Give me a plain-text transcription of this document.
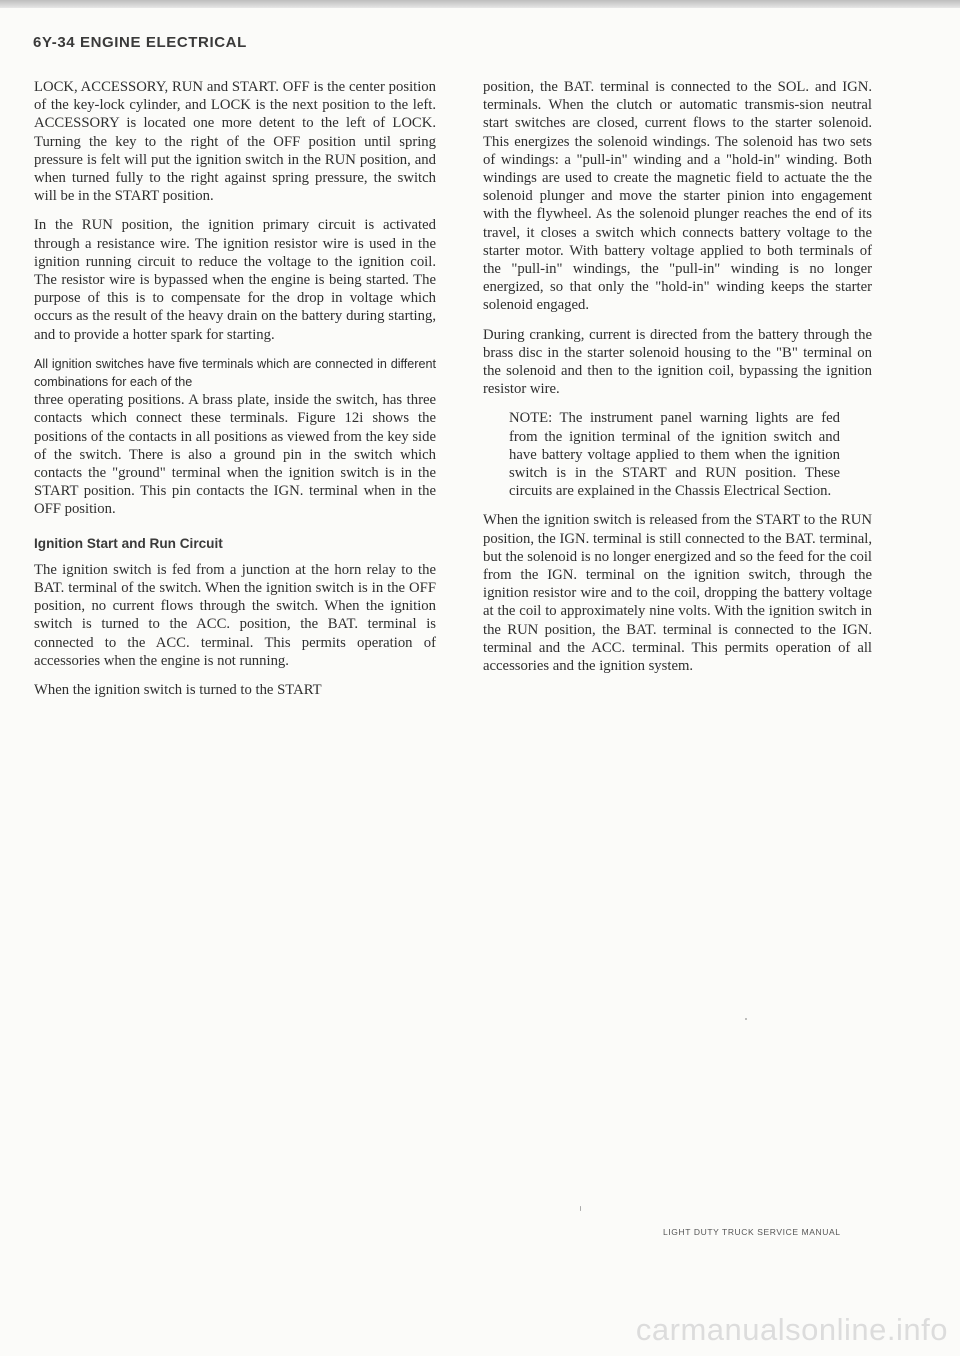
6Y-34 ENGINE ELECTRICAL

LOCK, ACCESSORY, RUN and START. OFF is the center position of the key-lock cylinder, and LOCK is the next position to the left. ACCESSORY is located one more detent to the left of LOCK. Turning the key to the right of the OFF position until spring pressure is felt will put the ignition switch in the RUN position, and when turned fully to the right against spring pressure, the switch will be in the START position.

In the RUN position, the ignition primary circuit is activated through a resistance wire. The ignition resistor wire is used in the ignition running circuit to reduce the voltage to the ignition coil. The resistor wire is bypassed when the engine is being started. The purpose of this is to compensate for the drop in voltage which occurs as the result of the heavy drain on the battery during starting, and to provide a hotter spark for starting.

All ignition switches have five terminals which are connected in different combinations for each of the

three operating positions. A brass plate, inside the switch, has three contacts which connect these terminals. Figure 12i shows the positions of the contacts in all positions as viewed from the key side of the switch. There is also a ground pin in the switch which contacts the "ground" terminal when the ignition switch is in the START position. This pin contacts the IGN. terminal when in the OFF position.

Ignition Start and Run Circuit

The ignition switch is fed from a junction at the horn relay to the BAT. terminal of the switch. When the ignition switch is in the OFF position, no current flows through the switch. When the ignition switch is turned to the ACC. position, the BAT. terminal is connected to the ACC. terminal. This permits operation of accessories when the engine is not running.

When the ignition switch is turned to the START

position, the BAT. terminal is connected to the SOL. and IGN. terminals. When the clutch or automatic transmis-sion neutral start switches are closed, current flows to the starter solenoid. This energizes the solenoid windings. The solenoid has two sets of windings: a "pull-in" winding and a "hold-in" winding. Both windings are used to create the magnetic field to actuate the the solenoid plunger and move the starter pinion into engagement with the flywheel. As the solenoid plunger reaches the end of its travel, it closes a switch which connects battery voltage to the starter motor. With battery voltage applied to both terminals of the "pull-in" windings, the "pull-in" winding is no longer energized, so that only the "hold-in" winding keeps the starter solenoid engaged.

During cranking, current is directed from the battery through the brass disc in the starter solenoid housing to the "B" terminal on the solenoid and then to the ignition coil, bypassing the ignition resistor wire.

NOTE: The instrument panel warning lights are fed from the ignition terminal of the ignition switch and have battery voltage applied to them when the ignition switch is in the START and RUN position. These circuits are explained in the Chassis Electrical Section.

When the ignition switch is released from the START to the RUN position, the IGN. terminal is still connected to the BAT. terminal, but the solenoid is no longer energized and so the feed for the coil from the IGN. terminal on the ignition switch, through the ignition resistor wire and to the coil, dropping the battery voltage at the coil to approximately nine volts. With the ignition switch in the RUN position, the BAT. terminal is connected to the IGN. terminal and the ACC. terminal. This permits operation of all accessories and the ignition system.

LIGHT DUTY TRUCK SERVICE MANUAL
carmanualsonline.info
